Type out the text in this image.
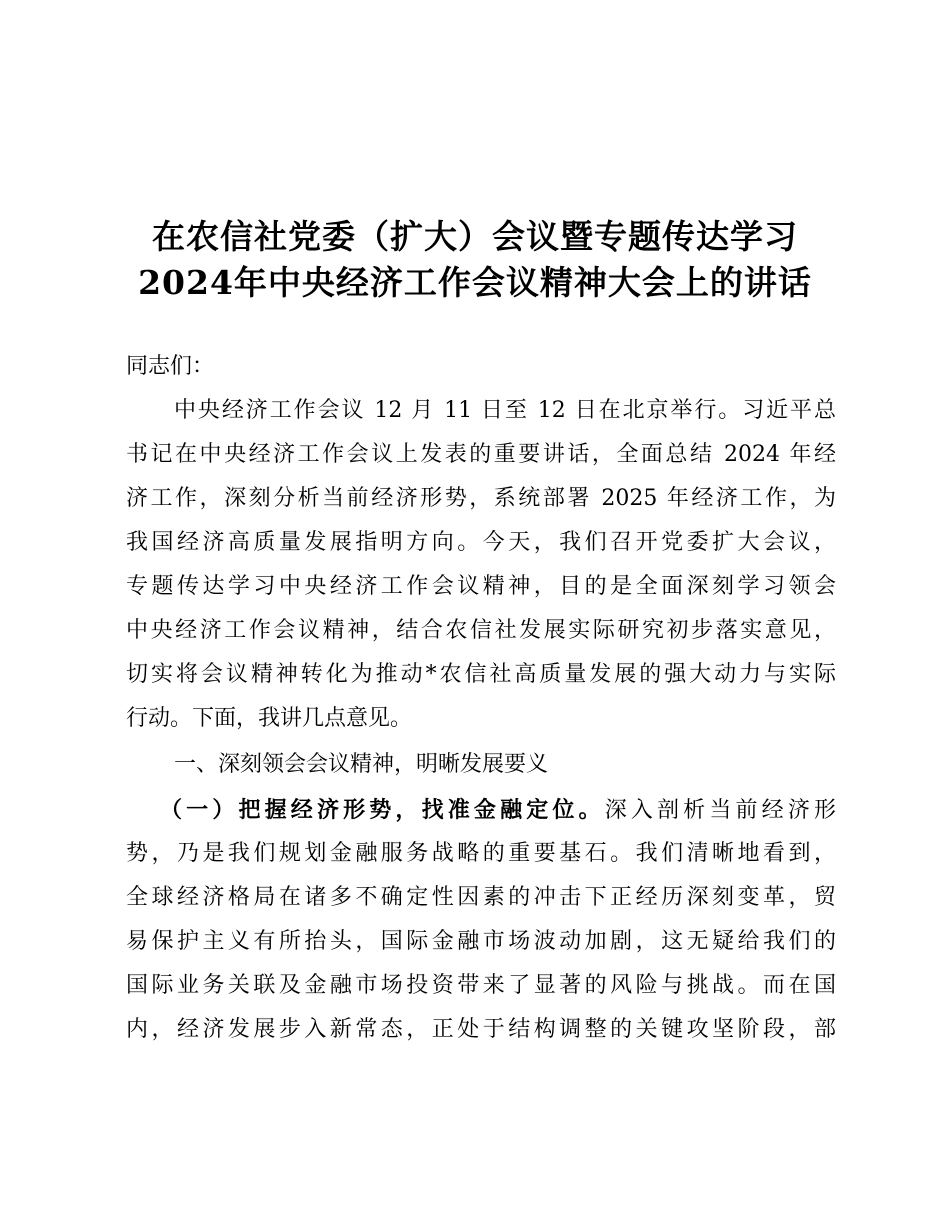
在农信社党委（扩大）会议暨专题传达学习
2024年中央经济工作会议精神大会上的讲话
同志们：
中央经济工作会议 12 月 11 日至 12 日在北京举行。习近平总
书记在中央经济工作会议上发表的重要讲话，全面总结 2024 年经
济工作，深刻分析当前经济形势，系统部署 2025 年经济工作，为
我国经济高质量发展指明方向。今天，我们召开党委扩大会议，
专题传达学习中央经济工作会议精神，目的是全面深刻学习领会
中央经济工作会议精神，结合农信社发展实际研究初步落实意见，
切实将会议精神转化为推动*农信社高质量发展的强大动力与实际
行动。下面，我讲几点意见。
一、深刻领会会议精神，明晰发展要义
（一）把握经济形势，找准金融定位。深入剖析当前经济形
势，乃是我们规划金融服务战略的重要基石。我们清晰地看到，
全球经济格局在诸多不确定性因素的冲击下正经历深刻变革，贸
易保护主义有所抬头，国际金融市场波动加剧，这无疑给我们的
国际业务关联及金融市场投资带来了显著的风险与挑战。而在国
内，经济发展步入新常态，正处于结构调整的关键攻坚阶段，部
